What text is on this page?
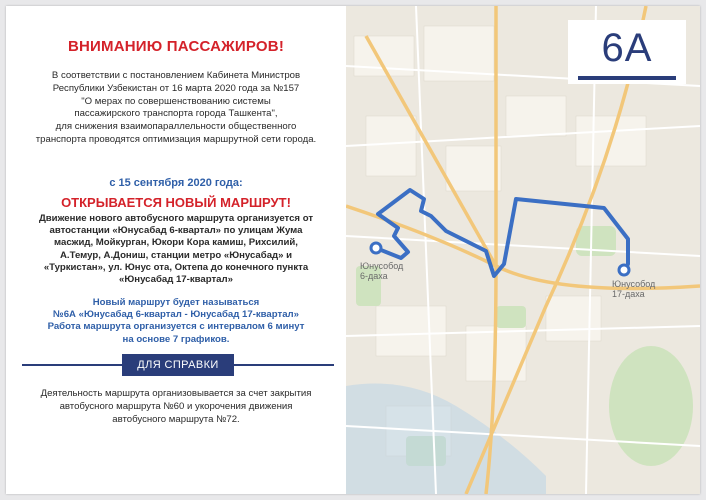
ВНИМАНИЮ ПАССАЖИРОВ!
В соответствии с постановлением Кабинета Министров
Республики Узбекистан от 16 марта 2020 года за №157
"О мерах по совершенствованию системы
пассажирского транспорта города Ташкента",
для снижения взаимопараллельности общественного
транспорта проводятся оптимизация маршрутной сети города.
с 15 сентября 2020 года:
ОТКРЫВАЕТСЯ НОВЫЙ МАРШРУТ!
Движение нового автобусного маршрута организуется от
автостанции «Юнусабад 6-квартал» по улицам Жума
масжид, Мойкурган, Юкори Кора камиш, Рихсилий,
А.Темур, А.Дониш, станции метро «Юнусабад» и
«Туркистан», ул. Юнус ота, Октепа до конечного пункта
«Юнусабад 17-квартал»
Новый маршрут будет называться
№6А «Юнусабад 6-квартал - Юнусабад 17-квартал»
Работа маршрута организуется с интервалом 6 минут
на основе 7 графиков.
ДЛЯ СПРАВКИ
Деятельность маршрута организовывается за счет закрытия
автобусного маршрута №60 и укорочения движения
автобусного маршрута №72.
Юнусобод
6-даха
Юнусобод
17-даха
6А
